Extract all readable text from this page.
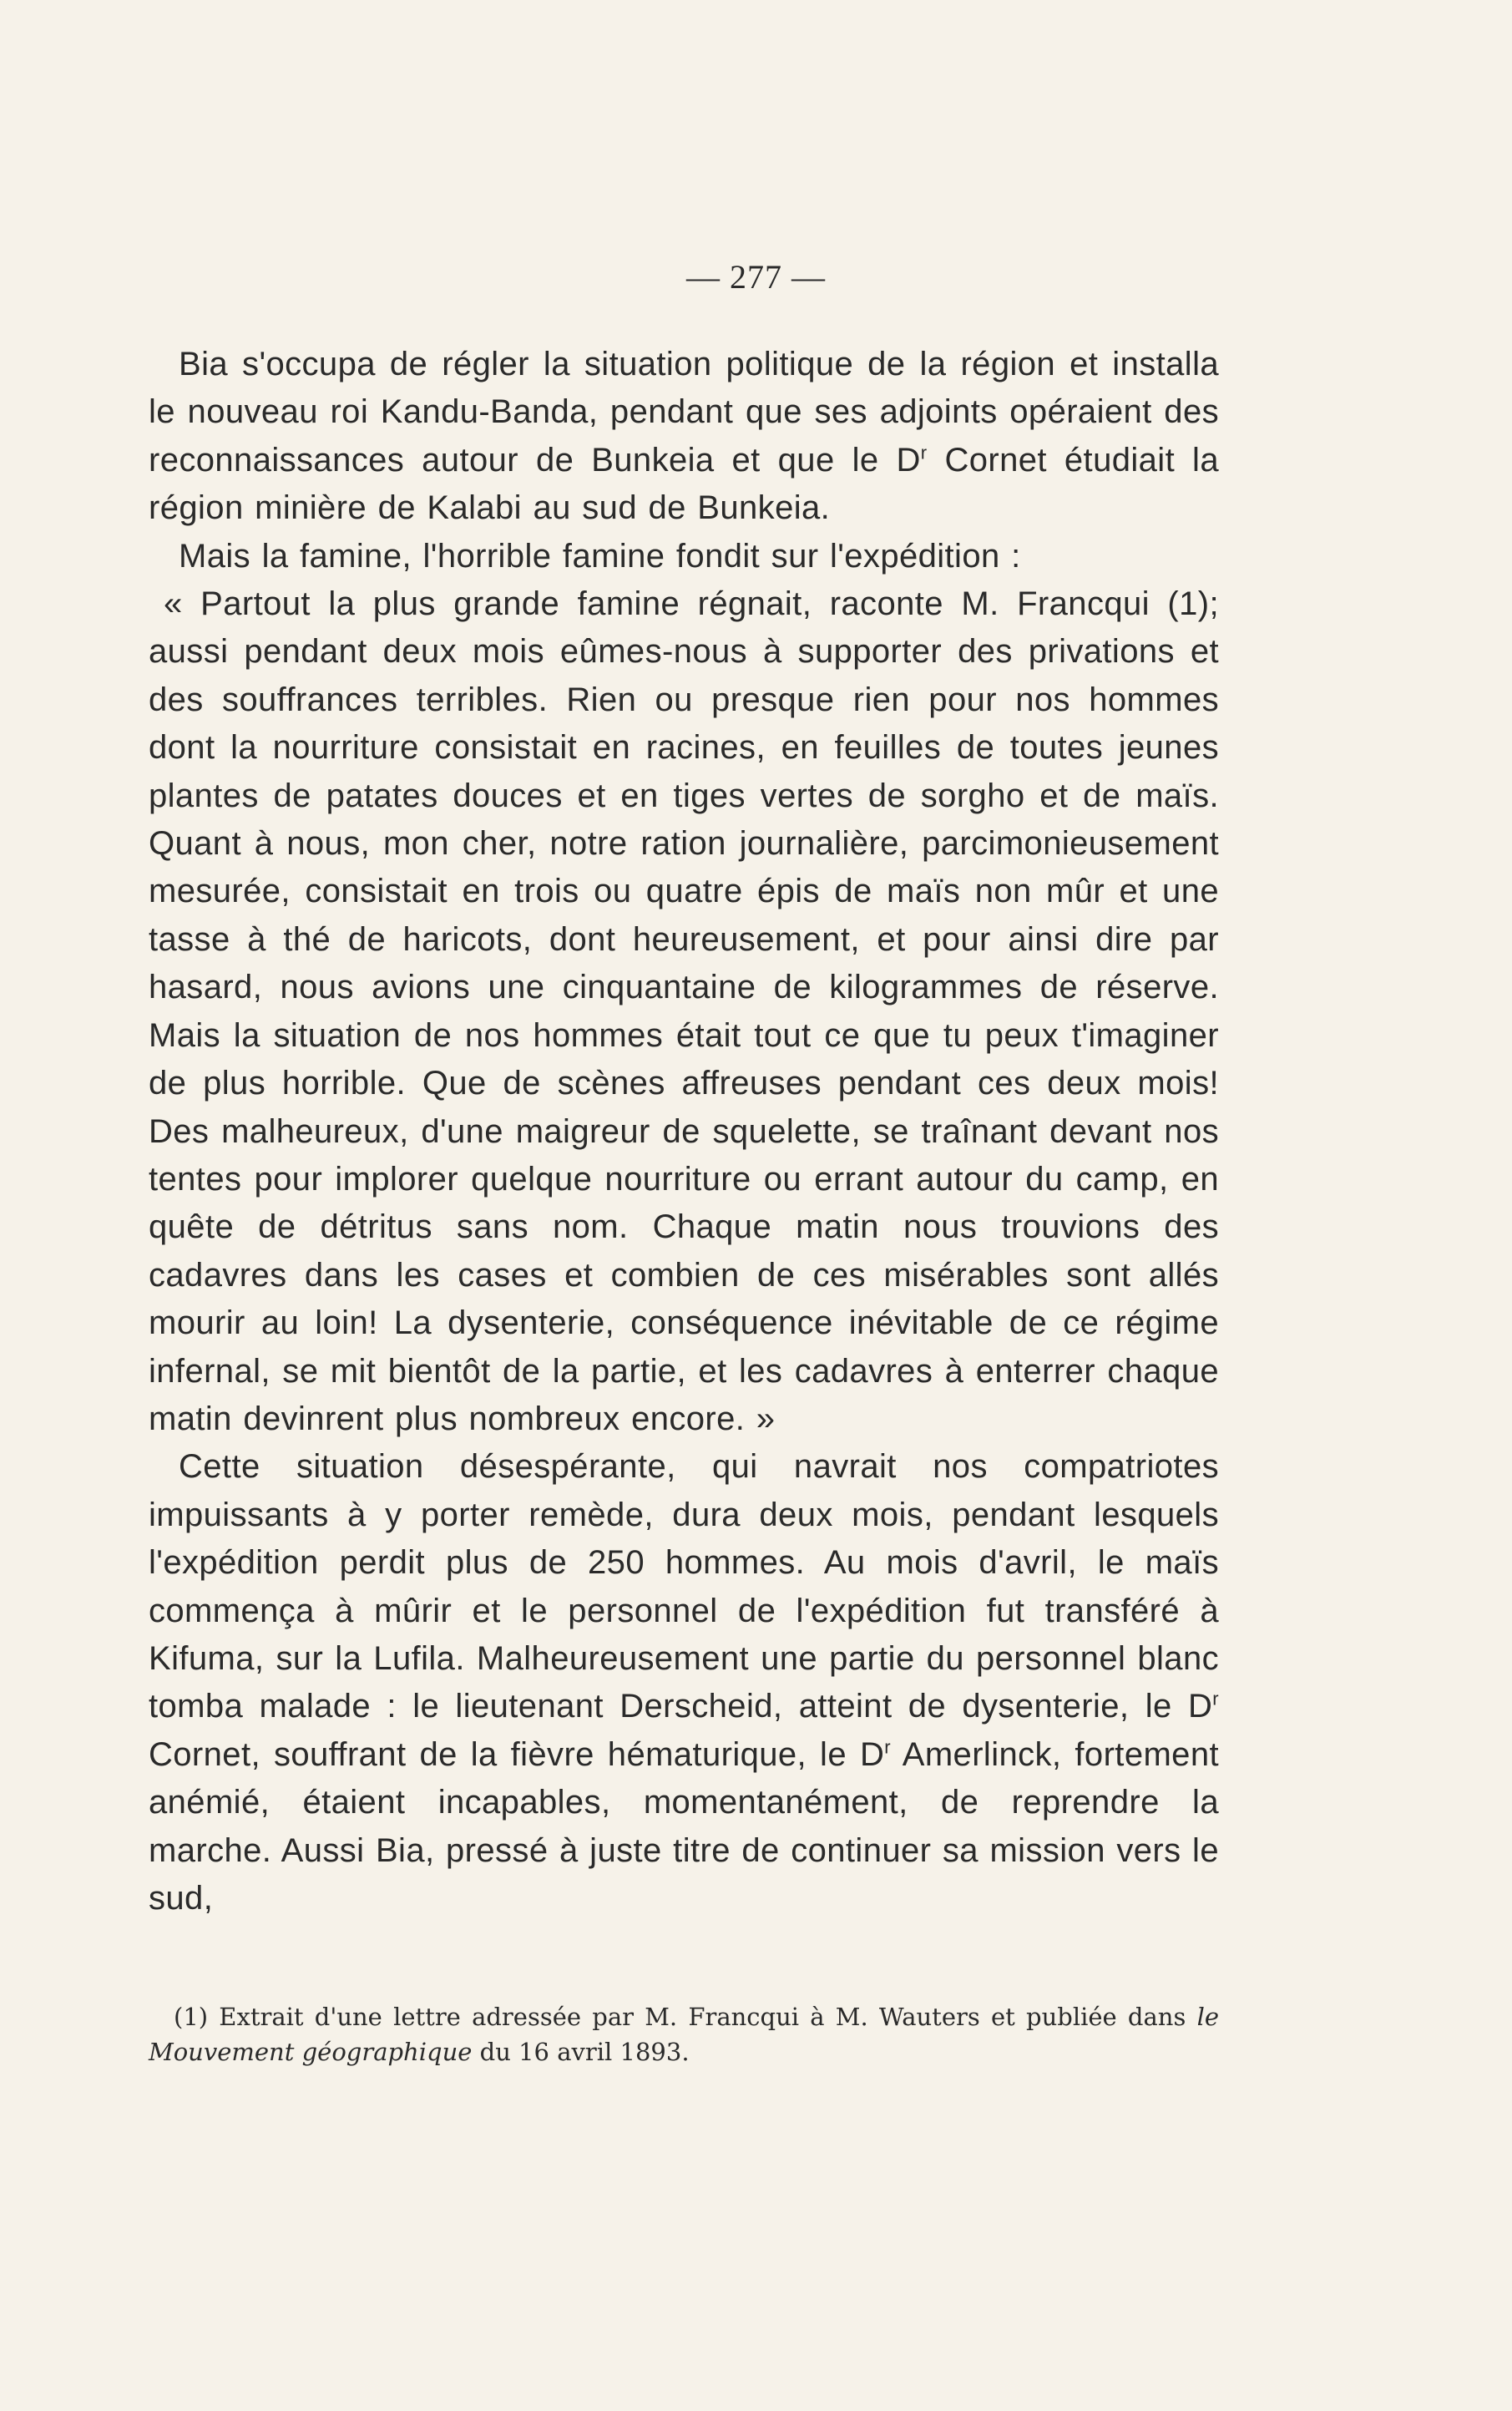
— 277 —

Bia s'occupa de régler la situation politique de la région et installa le nouveau roi Kandu-Banda, pendant que ses adjoints opéraient des reconnaissances autour de Bunkeia et que le $D^r$ Cornet étudiait la région minière de Kalabi au sud de Bunkeia.

Mais la famine, l'horrible famine fondit sur l'expédition :

« Partout la plus grande famine régnait, raconte M. Francqui (1); aussi pendant deux mois eûmes-nous à supporter des privations et des souffrances terribles. Rien ou presque rien pour nos hommes dont la nourriture consistait en racines, en feuilles de toutes jeunes plantes de patates douces et en tiges vertes de sorgho et de maïs. Quant à nous, mon cher, notre ration journalière, parcimonieusement mesurée, consistait en trois ou quatre épis de maïs non mûr et une tasse à thé de haricots, dont heureusement, et pour ainsi dire par hasard, nous avions une cinquantaine de kilogrammes de réserve. Mais la situation de nos hommes était tout ce que tu peux t'imaginer de plus horrible. Que de scènes affreuses pendant ces deux mois! Des malheureux, d'une maigreur de squelette, se traînant devant nos tentes pour implorer quelque nourriture ou errant autour du camp, en quête de détritus sans nom. Chaque matin nous trouvions des cadavres dans les cases et combien de ces misérables sont allés mourir au loin! La dysenterie, conséquence inévitable de ce régime infernal, se mit bientôt de la partie, et les cadavres à enterrer chaque matin devinrent plus nombreux encore. »

Cette situation désespérante, qui navrait nos compatriotes impuissants à y porter remède, dura deux mois, pendant lesquels l'expédition perdit plus de 250 hommes. Au mois d'avril, le maïs commença à mûrir et le personnel de l'expédition fut transféré à Kifuma, sur la Lufila. Malheureusement une partie du personnel blanc tomba malade : le lieutenant Derscheid, atteint de dysenterie, le $D^r$ Cornet, souffrant de la fièvre hématurique, le $D^r$ Amerlinck, fortement anémié, étaient incapables, momentanément, de reprendre la marche. Aussi Bia, pressé à juste titre de continuer sa mission vers le sud,

(1) Extrait d'une lettre adressée par M. Francqui à M. Wauters et publiée dans le Mouvement géographique du 16 avril 1893.
